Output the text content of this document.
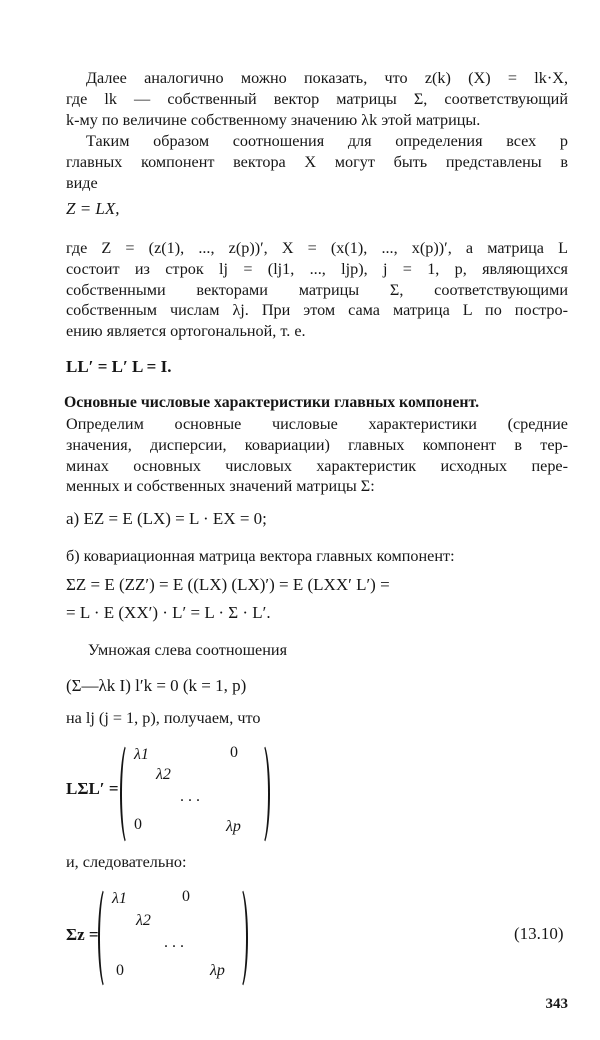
Далее аналогично можно показать, что z(k) (X) = lk·X,
где lk — собственный вектор матрицы Σ, соответствующий
k-му по величине собственному значению λk этой матрицы.
Таким образом соотношения для определения всех p
главных компонент вектора X могут быть представлены в
виде
Z = LX,
где Z = (z(1), ..., z(p))′, X = (x(1), ..., x(p))′, а матрица L
состоит из строк lj = (lj1, ..., ljp), j = 1, p, являющихся
собственными векторами матрицы Σ, соответствующими
собственным числам λj. При этом сама матрица L по постро-
ению является ортогональной, т. е.
LL′ = L′ L = I.
Основные числовые характеристики главных компонент.
Определим основные числовые характеристики (средние
значения, дисперсии, ковариации) главных компонент в тер-
минах основных числовых характеристик исходных пере-
менных и собственных значений матрицы Σ:
а) EZ = E (LX) = L · EX = 0;
б) ковариационная матрица вектора главных компонент:
ΣZ = E (ZZ′) = E ((LX) (LX)′) = E (LXX′ L′) =
= L · E (XX′) · L′ = L · Σ · L′.
Умножая слева соотношения
(Σ—λk I) l′k = 0 (k = 1, p)
на lj (j = 1, p), получаем, что
LΣL′ =
λ1	0
λ2
. . .
0	λp
и, следовательно:
Σz =
λ1	0
λ2
. . .
0	λp
(13.10)
343
